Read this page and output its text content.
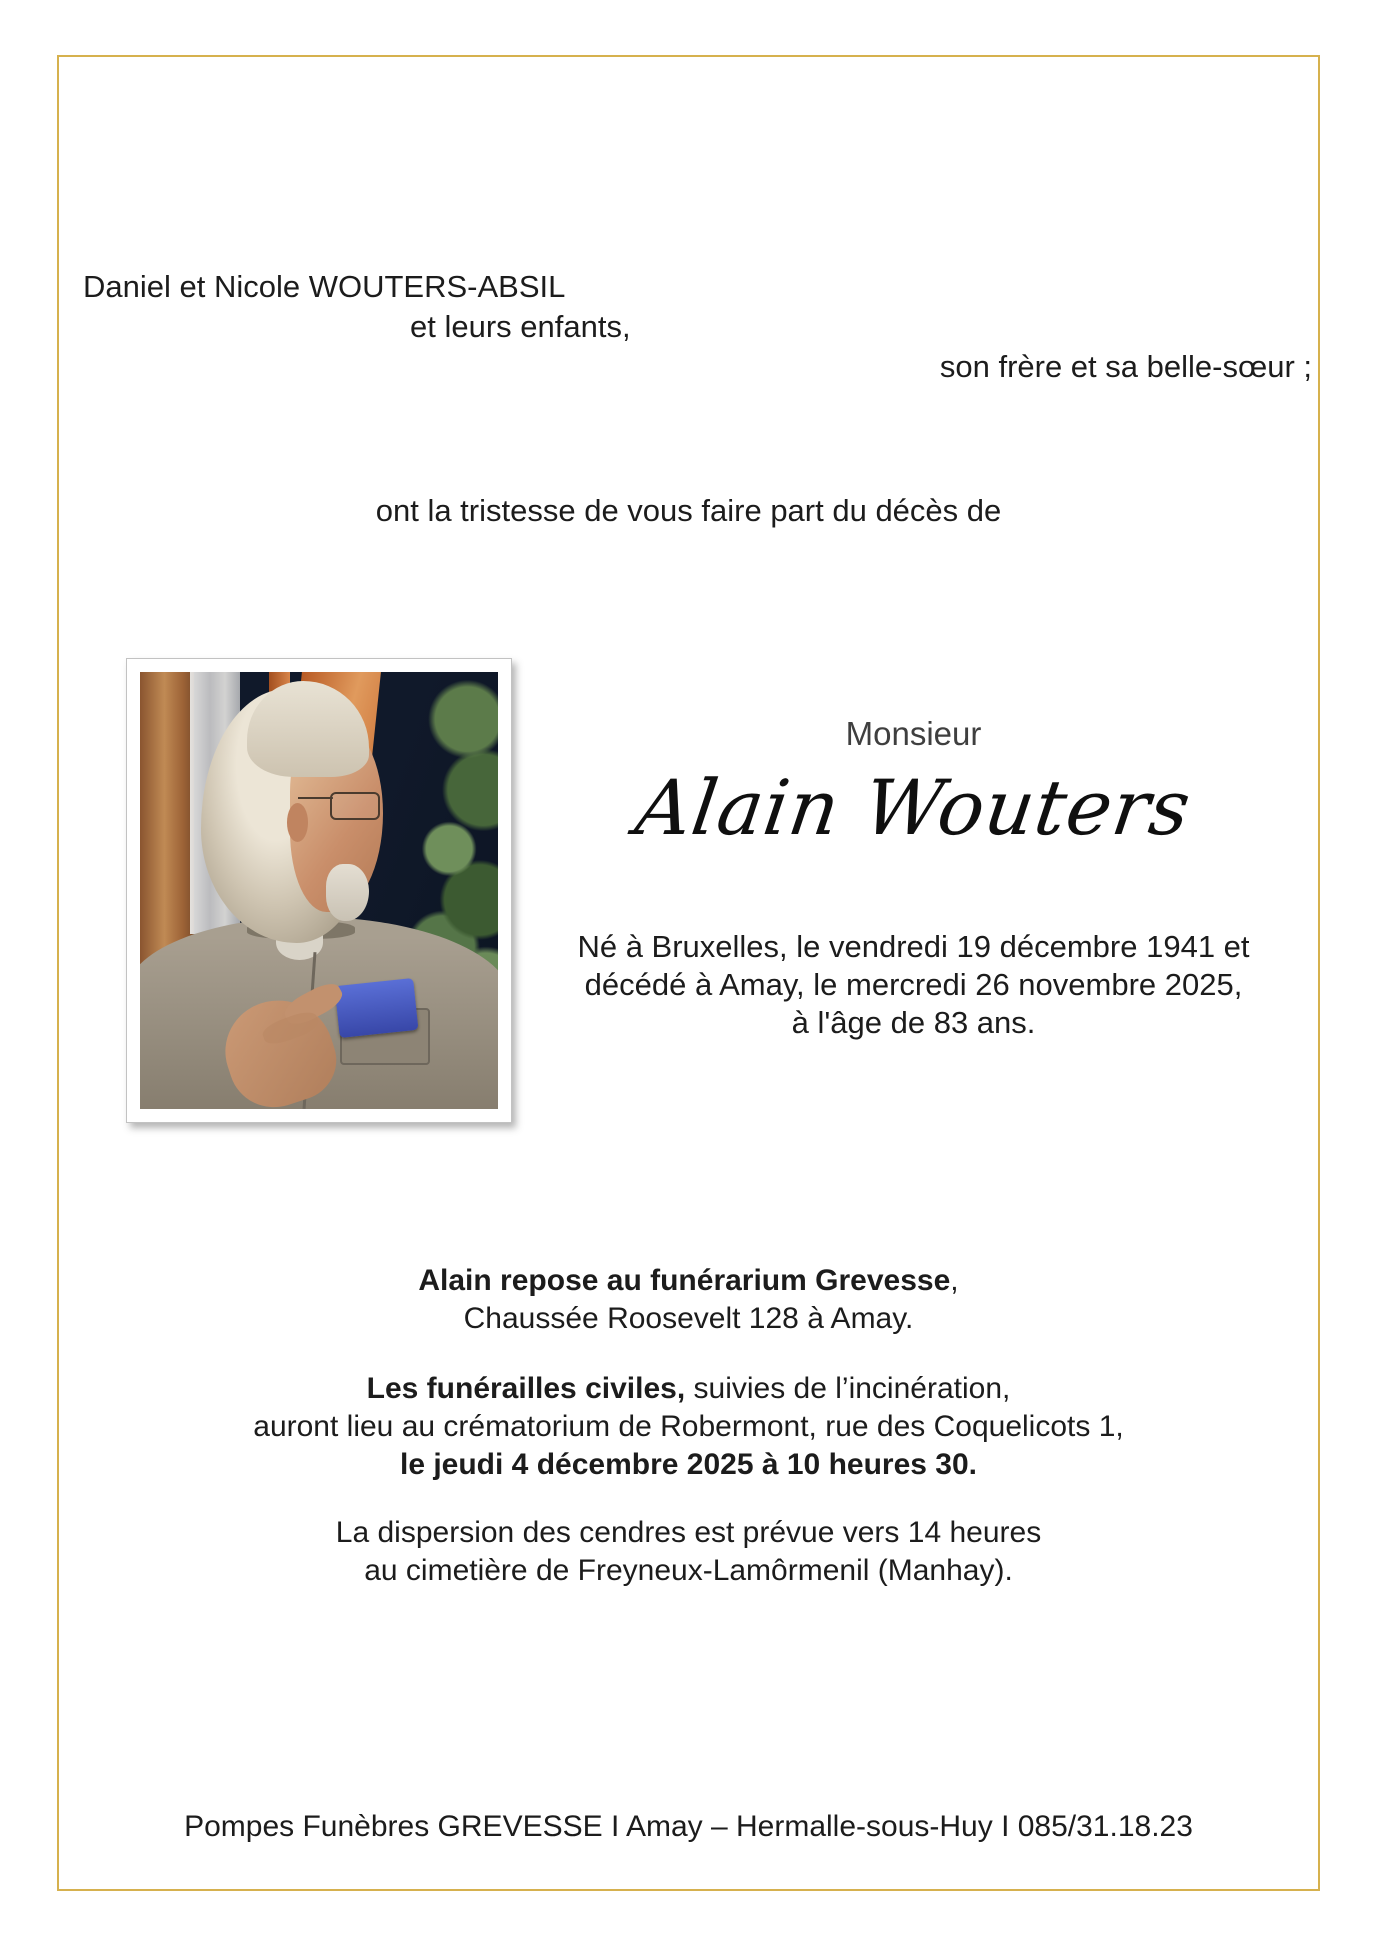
Daniel et Nicole WOUTERS-ABSIL
et leurs enfants,
son frère et sa belle-sœur ;
ont la tristesse de vous faire part du décès de
Monsieur
Alain Wouters
Né à Bruxelles, le vendredi 19 décembre 1941 et
décédé à Amay, le mercredi 26 novembre 2025,
à l'âge de 83 ans.
Alain repose au funérarium Grevesse,
Chaussée Roosevelt 128 à Amay.
Les funérailles civiles, suivies de l’incinération,
auront lieu au crématorium de Robermont, rue des Coquelicots 1,
le jeudi 4 décembre 2025 à 10 heures 30.
La dispersion des cendres est prévue vers 14 heures
au cimetière de Freyneux-Lamôrmenil (Manhay).
Pompes Funèbres GREVESSE I Amay – Hermalle-sous-Huy I 085/31.18.23
